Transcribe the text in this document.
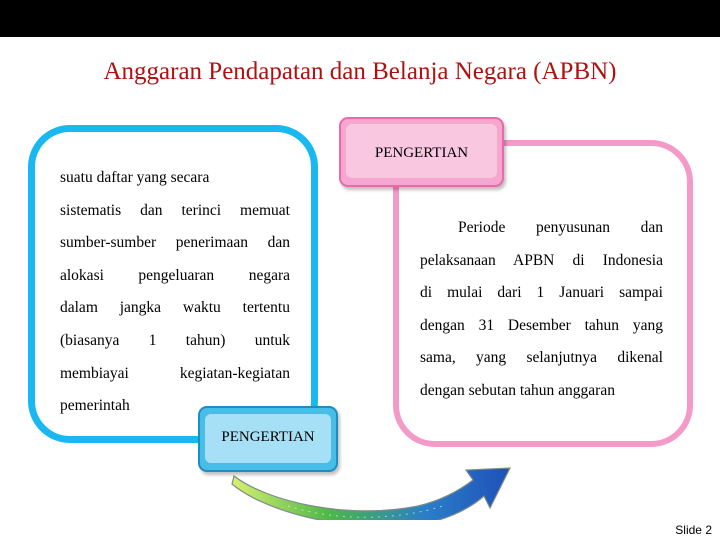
Anggaran Pendapatan dan Belanja Negara (APBN)
suatu daftar yang secara
sistematis dan terinci memuat
sumber-sumber penerimaan dan
alokasi pengeluaran negara
dalam jangka waktu tertentu
(biasanya 1 tahun) untuk
membiayai kegiatan-kegiatan
pemerintah
Periode penyusunan dan
pelaksanaan APBN di Indonesia
di mulai dari 1 Januari sampai
dengan 31 Desember tahun yang
sama, yang selanjutnya dikenal
dengan sebutan tahun anggaran
PENGERTIAN
PENGERTIAN
Slide 2
